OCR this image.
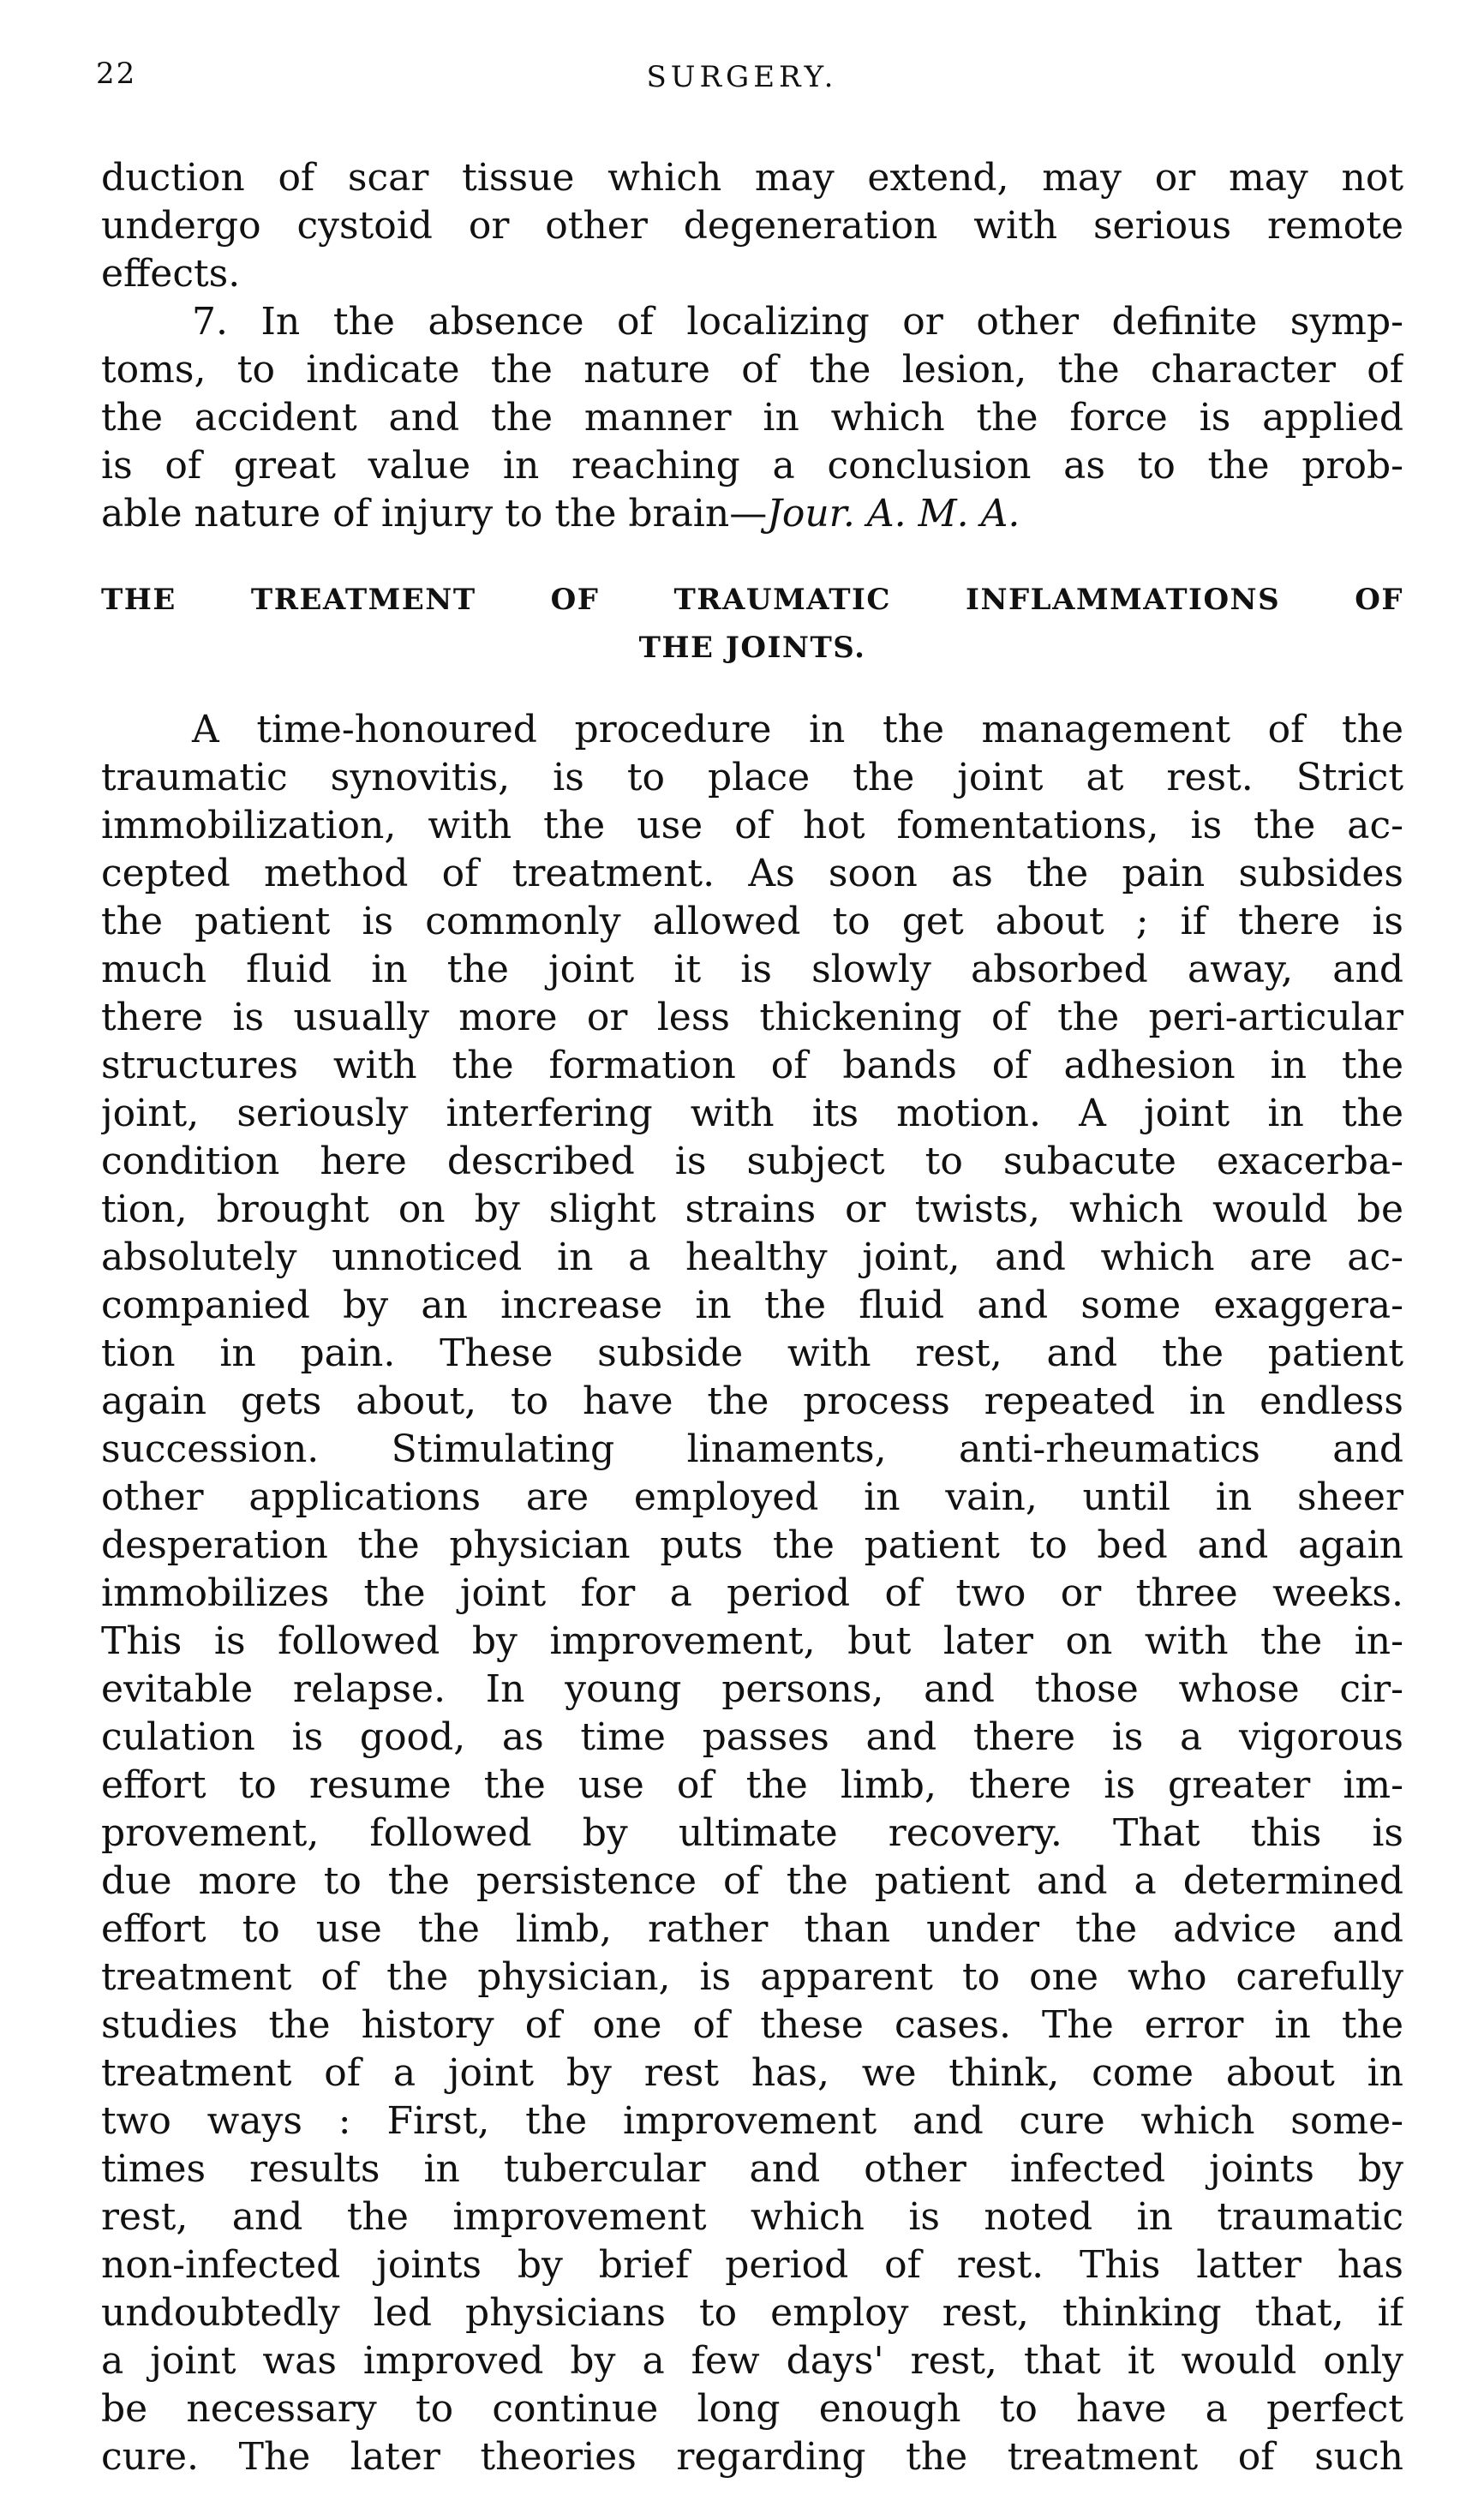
22	SURGERY.
duction of scar tissue which may extend, may or may not
undergo cystoid or other degeneration with serious remote
effects.
7. In the absence of localizing or other definite symp-
toms, to indicate the nature of the lesion, the character of
the accident and the manner in which the force is applied
is of great value in reaching a conclusion as to the prob-
able nature of injury to the brain—Jour. A. M. A.
THE TREATMENT OF TRAUMATIC INFLAMMATIONS OF
THE JOINTS.
A time-honoured procedure in the management of the
traumatic synovitis, is to place the joint at rest. Strict
immobilization, with the use of hot fomentations, is the ac-
cepted method of treatment. As soon as the pain subsides
the patient is commonly allowed to get about ; if there is
much fluid in the joint it is slowly absorbed away, and
there is usually more or less thickening of the peri-articular
structures with the formation of bands of adhesion in the
joint, seriously interfering with its motion. A joint in the
condition here described is subject to subacute exacerba-
tion, brought on by slight strains or twists, which would be
absolutely unnoticed in a healthy joint, and which are ac-
companied by an increase in the fluid and some exaggera-
tion in pain. These subside with rest, and the patient
again gets about, to have the process repeated in endless
succession. Stimulating linaments, anti-rheumatics and
other applications are employed in vain, until in sheer
desperation the physician puts the patient to bed and again
immobilizes the joint for a period of two or three weeks.
This is followed by improvement, but later on with the in-
evitable relapse. In young persons, and those whose cir-
culation is good, as time passes and there is a vigorous
effort to resume the use of the limb, there is greater im-
provement, followed by ultimate recovery. That this is
due more to the persistence of the patient and a determined
effort to use the limb, rather than under the advice and
treatment of the physician, is apparent to one who carefully
studies the history of one of these cases. The error in the
treatment of a joint by rest has, we think, come about in
two ways : First, the improvement and cure which some-
times results in tubercular and other infected joints by
rest, and the improvement which is noted in traumatic
non-infected joints by brief period of rest. This latter has
undoubtedly led physicians to employ rest, thinking that, if
a joint was improved by a few days' rest, that it would only
be necessary to continue long enough to have a perfect
cure. The later theories regarding the treatment of such
